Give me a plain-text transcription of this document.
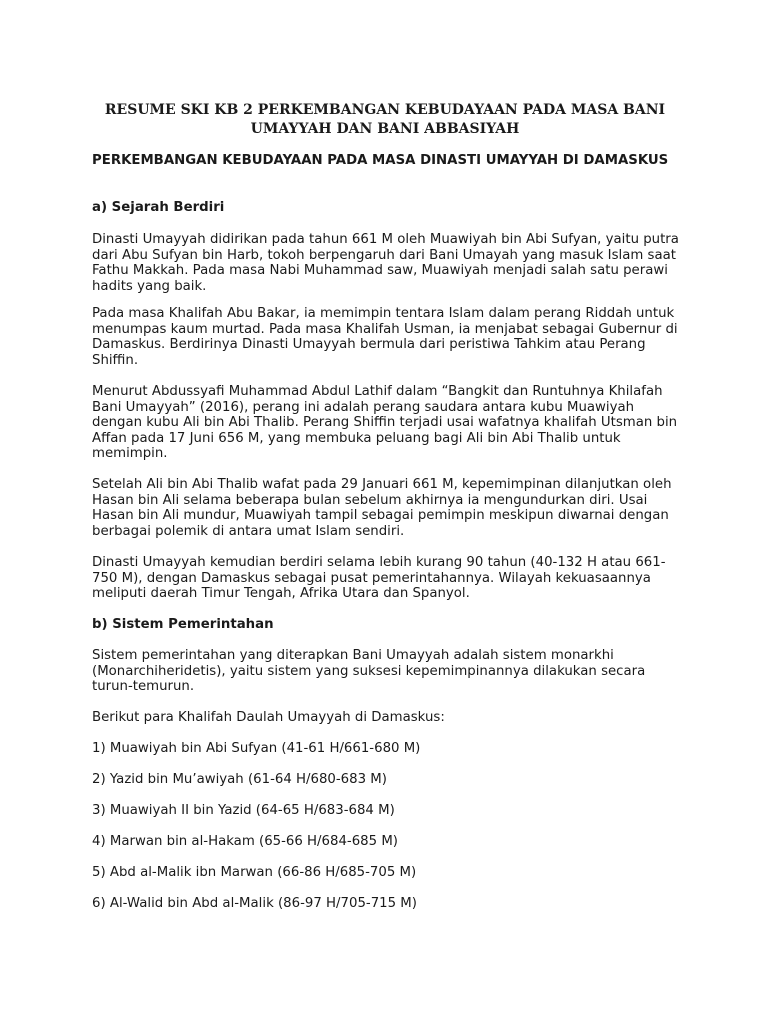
RESUME SKI KB 2 PERKEMBANGAN KEBUDAYAAN PADA MASA BANI UMAYYAH DAN BANI ABBASIYAH

PERKEMBANGAN KEBUDAYAAN PADA MASA DINASTI UMAYYAH DI DAMASKUS

a) Sejarah Berdiri

Dinasti Umayyah didirikan pada tahun 661 M oleh Muawiyah bin Abi Sufyan, yaitu putra dari Abu Sufyan bin Harb, tokoh berpengaruh dari Bani Umayah yang masuk Islam saat Fathu Makkah. Pada masa Nabi Muhammad saw, Muawiyah menjadi salah satu perawi hadits yang baik.

Pada masa Khalifah Abu Bakar, ia memimpin tentara Islam dalam perang Riddah untuk menumpas kaum murtad. Pada masa Khalifah Usman, ia menjabat sebagai Gubernur di Damaskus. Berdirinya Dinasti Umayyah bermula dari peristiwa Tahkim atau Perang Shiffin.

Menurut Abdussyafi Muhammad Abdul Lathif dalam “Bangkit dan Runtuhnya Khilafah Bani Umayyah” (2016), perang ini adalah perang saudara antara kubu Muawiyah dengan kubu Ali bin Abi Thalib. Perang Shiffin terjadi usai wafatnya khalifah Utsman bin Affan pada 17 Juni 656 M, yang membuka peluang bagi Ali bin Abi Thalib untuk memimpin.

Setelah Ali bin Abi Thalib wafat pada 29 Januari 661 M, kepemimpinan dilanjutkan oleh Hasan bin Ali selama beberapa bulan sebelum akhirnya ia mengundurkan diri. Usai Hasan bin Ali mundur, Muawiyah tampil sebagai pemimpin meskipun diwarnai dengan berbagai polemik di antara umat Islam sendiri.

Dinasti Umayyah kemudian berdiri selama lebih kurang 90 tahun (40-132 H atau 661-750 M), dengan Damaskus sebagai pusat pemerintahannya. Wilayah kekuasaannya meliputi daerah Timur Tengah, Afrika Utara dan Spanyol.

b) Sistem Pemerintahan

Sistem pemerintahan yang diterapkan Bani Umayyah adalah sistem monarkhi (Monarchiheridetis), yaitu sistem yang suksesi kepemimpinannya dilakukan secara turun-temurun.

Berikut para Khalifah Daulah Umayyah di Damaskus:

1) Muawiyah bin Abi Sufyan (41-61 H/661-680 M)

2) Yazid bin Mu’awiyah (61-64 H/680-683 M)

3) Muawiyah II bin Yazid (64-65 H/683-684 M)

4) Marwan bin al-Hakam (65-66 H/684-685 M)

5) Abd al-Malik ibn Marwan (66-86 H/685-705 M)

6) Al-Walid bin Abd al-Malik (86-97 H/705-715 M)
